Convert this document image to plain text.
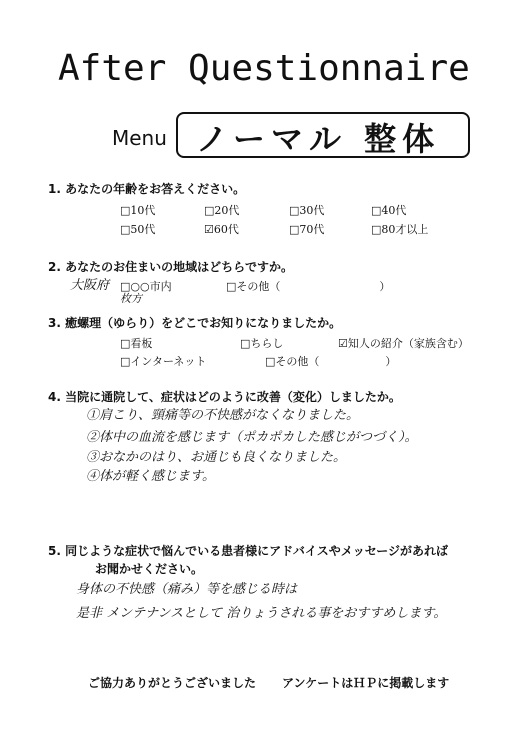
After Questionnaire
Menu ノーマル 整体
1. あなたの年齢をお答えください。
□10代	□20代	□30代	□40代
□50代	☑60代	□70代	□80才以上
2. あなたのお住まいの地域はどちらですか。
大阪府
枚方
□○○市内	□その他（　　　　　　　　　）
3. 癒螺理（ゆらり）をどこでお知りになりましたか。
□看板	□ちらし	☑知人の紹介（家族含む）
□インターネット	□その他（　　　　　　）
4. 当院に通院して、症状はどのように改善（変化）しましたか。
①肩こり、頸痛等の不快感がなくなりました。
②体中の血流を感じます（ポカポカした感じがつづく）。
③おなかのはり、お通じも良くなりました。
④体が軽く感じます。
5. 同じような症状で悩んでいる患者様にアドバイスやメッセージがあれば
お聞かせください。
身体の不快感（痛み）等を感じる時は
是非 メンテナンスとして 治りょうされる事をおすすめします。
ご協力ありがとうございました アンケートはＨＰに掲載します
